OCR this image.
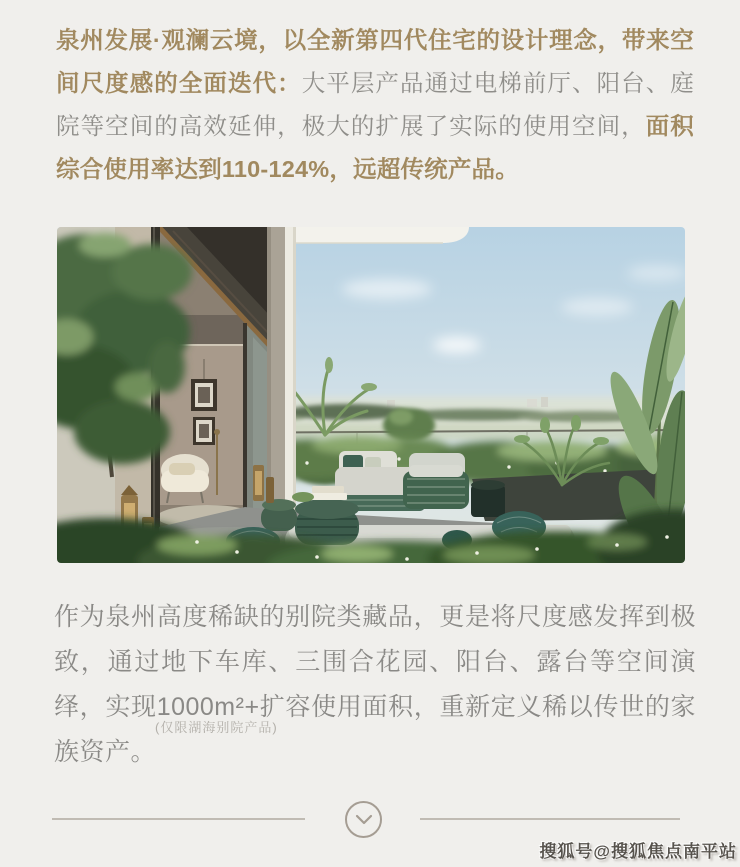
泉州发展·观澜云境，以全新第四代住宅的设计理念，带来空间尺度感的全面迭代：大平层产品通过电梯前厅、阳台、庭院等空间的高效延伸，极大的扩展了实际的使用空间，面积综合使用率达到110-124%，远超传统产品。

作为泉州高度稀缺的别院类藏品，更是将尺度感发挥到极致，通过地下车库、三围合花园、阳台、露台等空间演绎，实现1000m²+扩容使用面积，重新定义稀以传世的家族资产。

(仅限湖海别院产品)

搜狐号@搜狐焦点南平站
